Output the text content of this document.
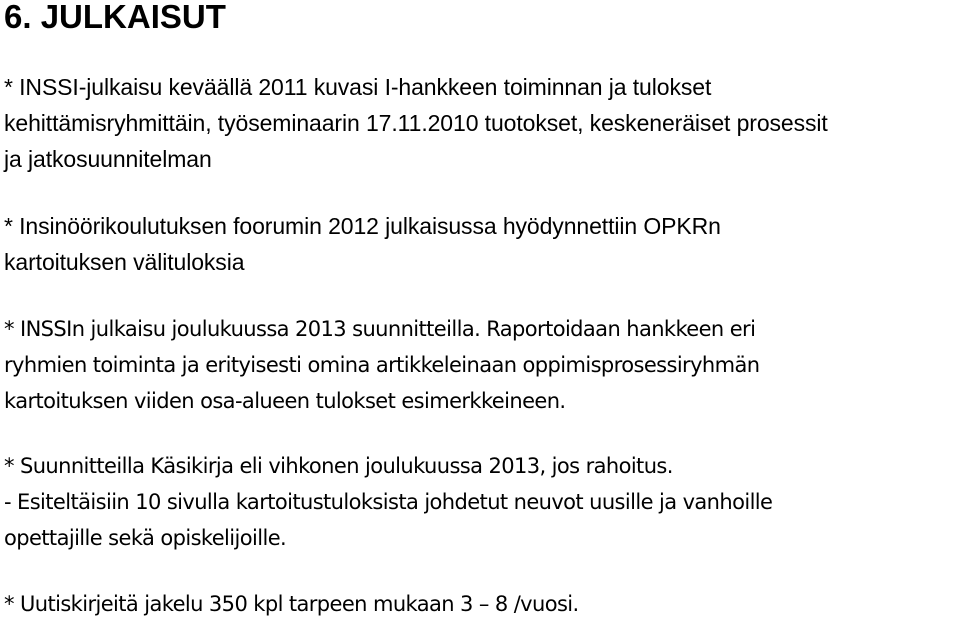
6. JULKAISUT

* INSSI-julkaisu keväällä 2011 kuvasi I-hankkeen toiminnan ja tulokset
kehittämisryhmittäin, työseminaarin 17.11.2010 tuotokset, keskeneräiset prosessit
ja jatkosuunnitelman

* Insinöörikoulutuksen foorumin 2012 julkaisussa hyödynnettiin OPKRn
kartoituksen välituloksia

* INSSIn julkaisu joulukuussa 2013 suunnitteilla. Raportoidaan hankkeen eri
ryhmien toiminta ja erityisesti omina artikkeleinaan oppimisprosessiryhmän
kartoituksen viiden osa-alueen tulokset esimerkkeineen.

* Suunnitteilla Käsikirja eli vihkonen joulukuussa 2013, jos rahoitus.
- Esiteltäisiin 10 sivulla kartoitustuloksista johdetut neuvot uusille ja vanhoille
opettajille sekä opiskelijoille.

* Uutiskirjeitä jakelu 350 kpl tarpeen mukaan 3 – 8 /vuosi.
